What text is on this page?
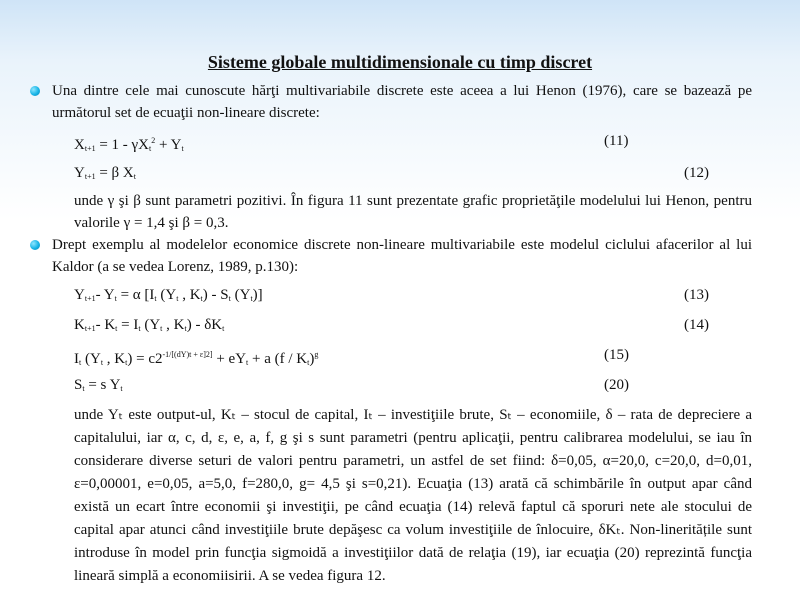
Sisteme globale multidimensionale cu timp discret
Una dintre cele mai cunoscute hărţi multivariabile discrete este aceea a lui Henon (1976), care se bazează pe următorul set de ecuaţii non-lineare discrete:
$X_{t+1} = 1 - \gamma X_t^2 + Y_t$	(11)
$Y_{t+1} = \beta$ $X_t$	(12)
unde γ şi β sunt parametri pozitivi. În figura 11 sunt prezentate grafic proprietăţile modelului lui Henon, pentru valorile γ = 1,4 şi β = 0,3.
Drept exemplu al modelelor economice discrete non-lineare multivariabile este modelul ciclului afacerilor al lui Kaldor (a se vedea Lorenz, 1989, p.130):
$Y_{t+1}-$ $Y_t = \alpha$ [$I_t$ ($Y_t$ , $K_t) - S_t$ $(Y_t)$]	(13)
$K_{t+1}-$ $K_t = I_t$ ($Y_t$ , $K_t) - \delta K_t$	(14)
$I_t$ ($Y_t$ , $K_t) = c2^{-1/[(dY)t + \varepsilon]2]} + eY_t + a$ $(f / K_t)^g$	(15)
$S_t = s$ $Y_t$	(20)
unde Yₜ este output-ul, Kₜ – stocul de capital, Iₜ – investiţiile brute, Sₜ – economiile, δ – rata de depreciere a capitalului, iar α, c, d, ε, e, a, f, g şi s sunt parametri (pentru aplicaţii, pentru calibrarea modelului, se iau în considerare diverse seturi de valori pentru parametri, un astfel de set fiind: δ=0,05, α=20,0, c=20,0, d=0,01, ε=0,00001, e=0,05, a=5,0, f=280,0, g= 4,5 şi s=0,21). Ecuaţia (13) arată că schimbările în output apar când există un ecart între economii şi investiţii, pe când ecuaţia (14) relevă faptul că sporuri nete ale stocului de capital apar atunci când investiţiile brute depăşesc ca volum investiţiile de înlocuire, δKₜ. Non-lineritățile sunt introduse în model prin funcţia sigmoidă a investiţiilor dată de relaţia (19), iar ecuaţia (20) reprezintă funcţia lineară simplă a economiisirii. A se vedea figura 12.
